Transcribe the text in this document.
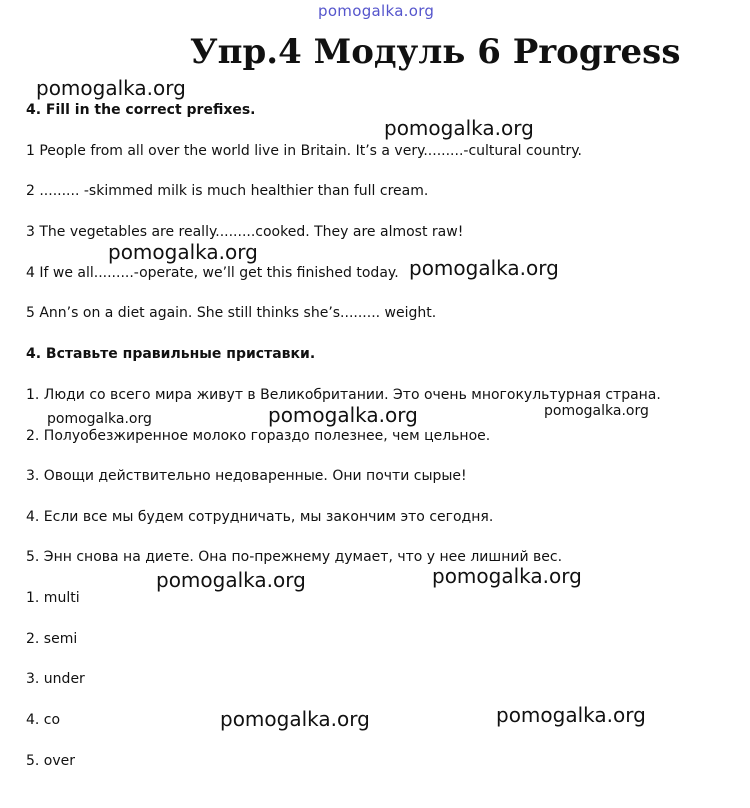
pomogalka.org
Упр.4 Модуль 6 Progress
4. Fill in the correct prefixes.
1 People from all over the world live in Britain. It’s a very.........-cultural country.
2 ......... -skimmed milk is much healthier than full cream.
3 The vegetables are really.........cooked. They are almost raw!
4 If we all.........-operate, we’ll get this finished today.
5 Ann’s on a diet again. She still thinks she’s......... weight.
4. Вставьте правильные приставки.
1. Люди со всего мира живут в Великобритании. Это очень многокультурная страна.
2. Полуобезжиренное молоко гораздо полезнее, чем цельное.
3. Овощи действительно недоваренные. Они почти сырые!
4. Если все мы будем сотрудничать, мы закончим это сегодня.
5. Энн снова на диете. Она по-прежнему думает, что у нее лишний вес.
1. multi
2. semi
3. under
4. co
5. over
pomogalka.org
pomogalka.org
pomogalka.org
pomogalka.org
pomogalka.org	pomogalka.org	pomogalka.org
pomogalka.org	pomogalka.org
pomogalka.org	pomogalka.org
